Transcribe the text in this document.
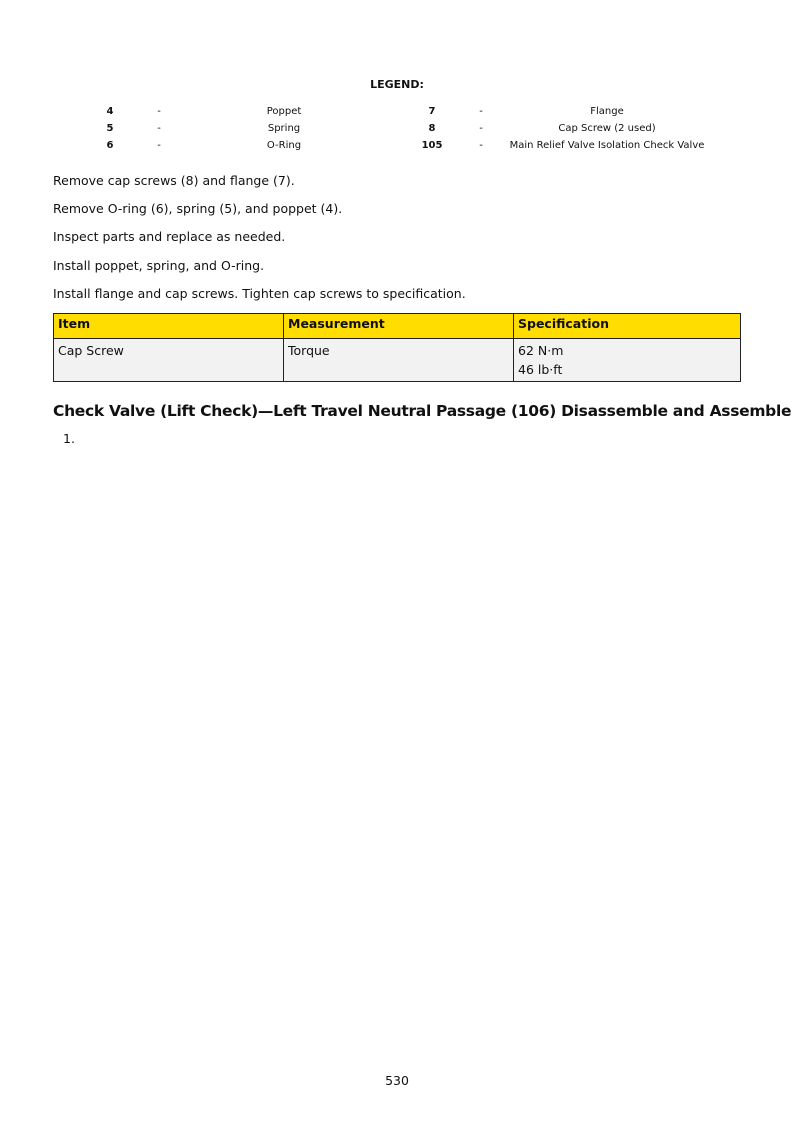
LEGEND:
4	-	Poppet	7	-	Flange
5	-	Spring	8	-	Cap Screw (2 used)
6	-	O-Ring	105	-	Main Relief Valve Isolation Check Valve
Remove cap screws (8) and flange (7).
Remove O-ring (6), spring (5), and poppet (4).
Inspect parts and replace as needed.
Install poppet, spring, and O-ring.
Install flange and cap screws. Tighten cap screws to specification.
Item	Measurement	Specification
Cap Screw	Torque	62 N·m
46 lb·ft
Check Valve (Lift Check)—Left Travel Neutral Passage (106) Disassemble and Assemble
1.
530
